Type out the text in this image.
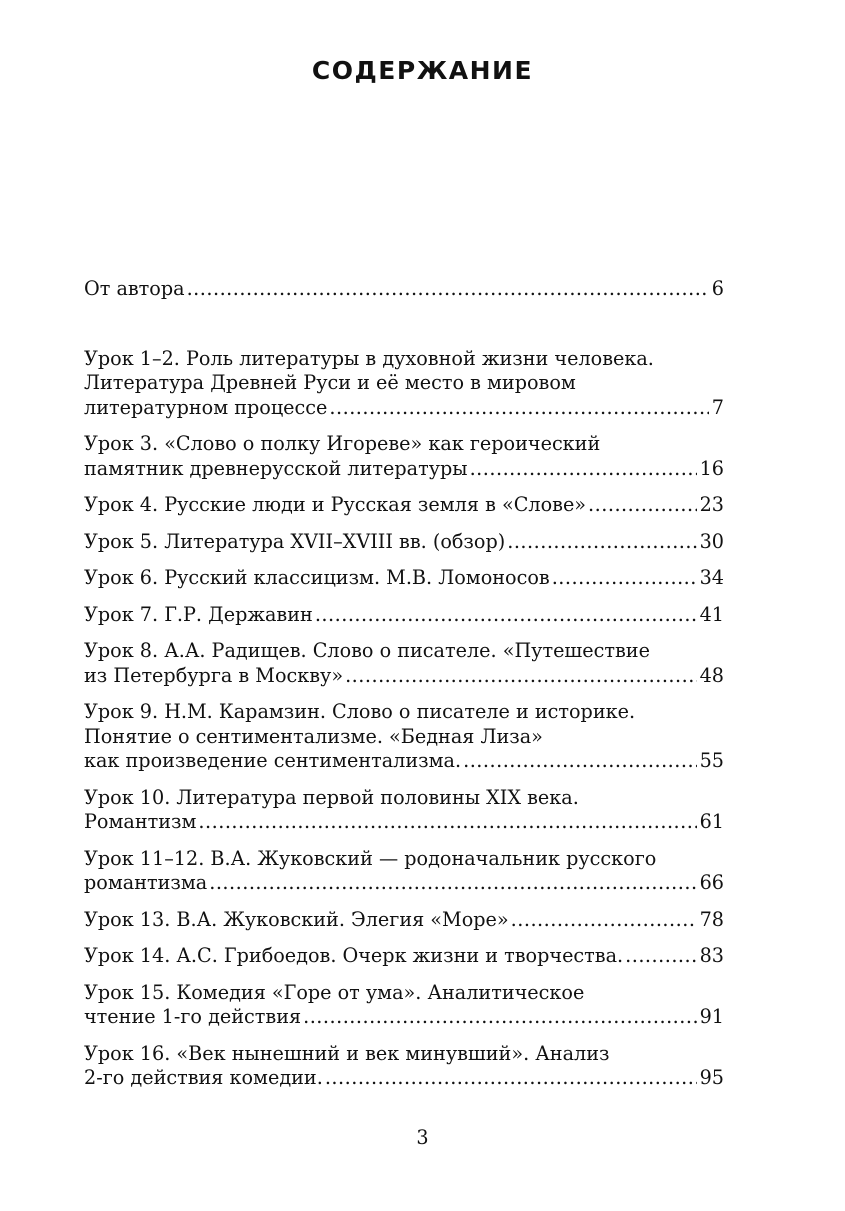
СОДЕРЖАНИЕ
От автора .....	6
Урок 1–2. Роль литературы в духовной жизни человека.
Литература Древней Руси и её место в мировом
литературном процессе .....	7
Урок 3. «Слово о полку Игореве» как героический
памятник древнерусской литературы .....	16
Урок 4. Русские люди и Русская земля в «Слове» .....	23
Урок 5. Литература XVII–XVIII вв. (обзор) .....	30
Урок 6. Русский классицизм. М.В. Ломоносов .....	34
Урок 7. Г.Р. Державин .....	41
Урок 8. А.А. Радищев. Слово о писателе. «Путешествие
из Петербурга в Москву» .....	48
Урок 9. Н.М. Карамзин. Слово о писателе и историке.
Понятие о сентиментализме. «Бедная Лиза»
как произведение сентиментализма. .....	55
Урок 10. Литература первой половины XIX века.
Романтизм .....	61
Урок 11–12. В.А. Жуковский — родоначальник русского
романтизма .....	66
Урок 13. В.А. Жуковский. Элегия «Море» .....	78
Урок 14. А.С. Грибоедов. Очерк жизни и творчества. .....	83
Урок 15. Комедия «Горе от ума». Аналитическое
чтение 1-го действия .....	91
Урок 16. «Век нынешний и век минувший». Анализ
2-го действия комедии. .....	95
3
